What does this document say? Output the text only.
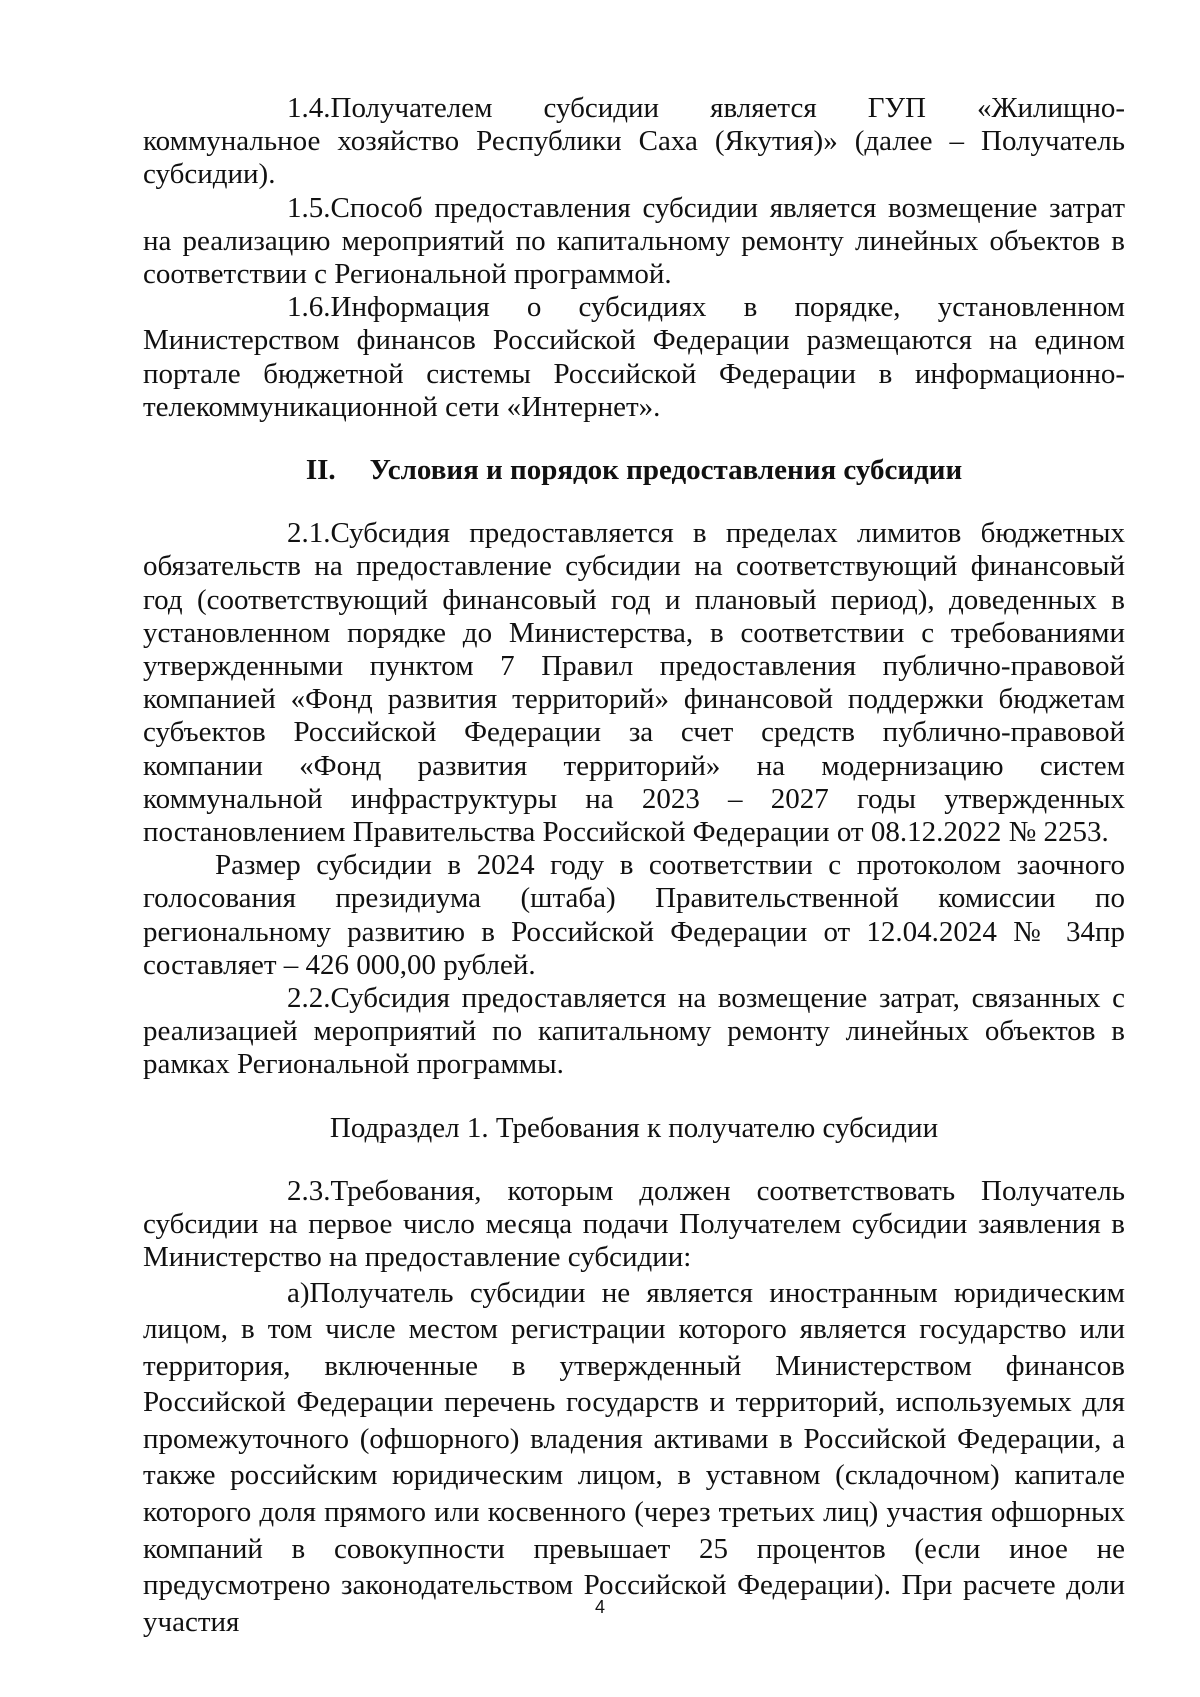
1.4.Получателем субсидии является ГУП «Жилищно-коммунальное хозяйство Республики Саха (Якутия)» (далее – Получатель субсидии).

1.5.Способ предоставления субсидии является возмещение затрат на реализацию мероприятий по капитальному ремонту линейных объектов в соответствии с Региональной программой.

1.6.Информация о субсидиях в порядке, установленном Министерством финансов Российской Федерации размещаются на едином портале бюджетной системы Российской Федерации в информационно-телекоммуникационной сети «Интернет».

II. Условия и порядок предоставления субсидии

2.1.Субсидия предоставляется в пределах лимитов бюджетных обязательств на предоставление субсидии на соответствующий финансовый год (соответствующий финансовый год и плановый период), доведенных в установленном порядке до Министерства, в соответствии с требованиями утвержденными пунктом 7 Правил предоставления публично-правовой компанией «Фонд развития территорий» финансовой поддержки бюджетам субъектов Российской Федерации за счет средств публично-правовой компании «Фонд развития территорий» на модернизацию систем коммунальной инфраструктуры на 2023 – 2027 годы утвержденных постановлением Правительства Российской Федерации от 08.12.2022 № 2253.

Размер субсидии в 2024 году в соответствии с протоколом заочного голосования президиума (штаба) Правительственной комиссии по региональному развитию в Российской Федерации от 12.04.2024 № 34пр составляет – 426 000,00 рублей.

2.2.Субсидия предоставляется на возмещение затрат, связанных с реализацией мероприятий по капитальному ремонту линейных объектов в рамках Региональной программы.

Подраздел 1. Требования к получателю субсидии

2.3.Требования, которым должен соответствовать Получатель субсидии на первое число месяца подачи Получателем субсидии заявления в Министерство на предоставление субсидии:

а)Получатель субсидии не является иностранным юридическим лицом, в том числе местом регистрации которого является государство или территория, включенные в утвержденный Министерством финансов Российской Федерации перечень государств и территорий, используемых для промежуточного (офшорного) владения активами в Российской Федерации, а также российским юридическим лицом, в уставном (складочном) капитале которого доля прямого или косвенного (через третьих лиц) участия офшорных компаний в совокупности превышает 25 процентов (если иное не предусмотрено законодательством Российской Федерации). При расчете доли участия	4
